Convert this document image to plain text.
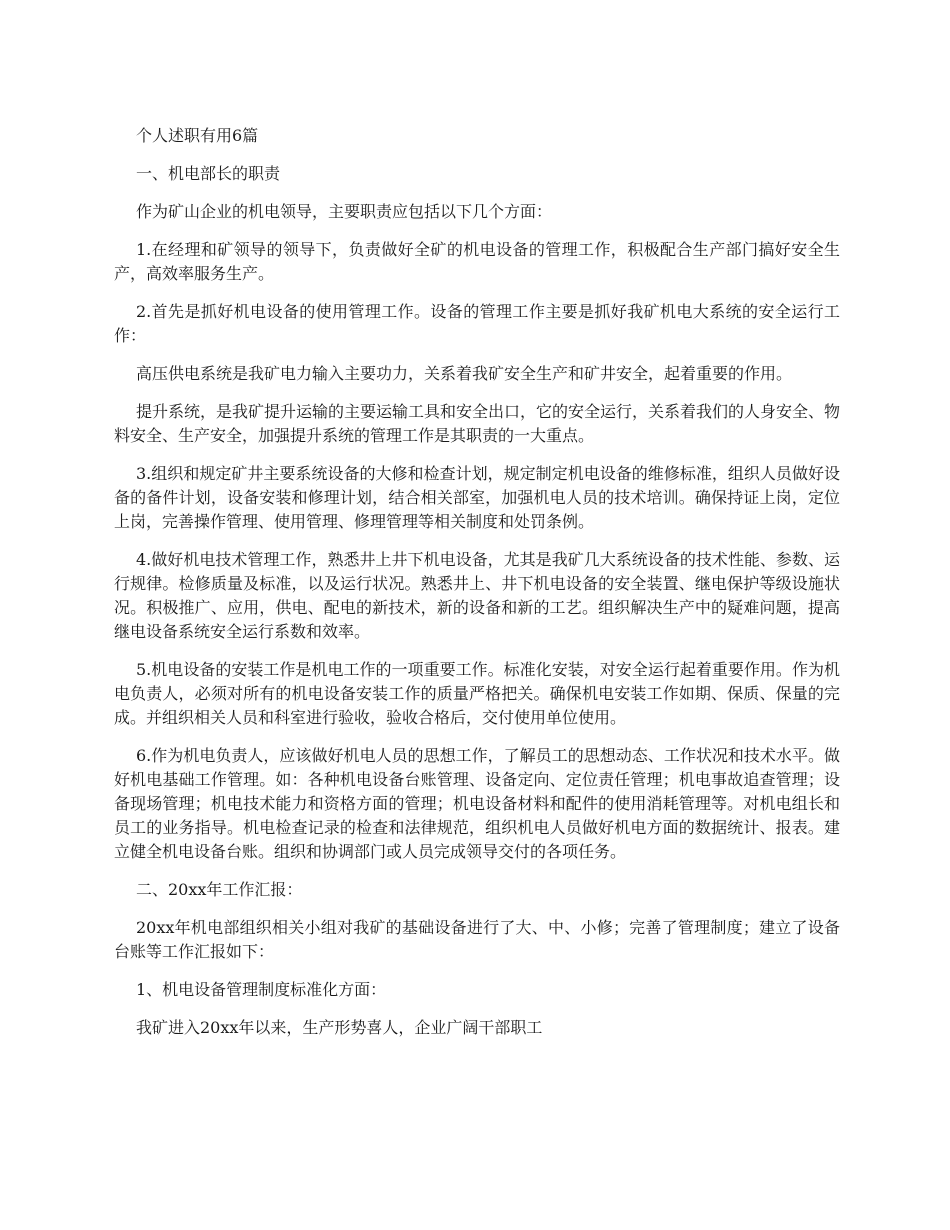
个人述职有用6篇

一、机电部长的职责

作为矿山企业的机电领导，主要职责应包括以下几个方面：

1.在经理和矿领导的领导下，负责做好全矿的机电设备的管理工作，积极配合生产部门搞好安全生产，高效率服务生产。

2.首先是抓好机电设备的使用管理工作。设备的管理工作主要是抓好我矿机电大系统的安全运行工作：

高压供电系统是我矿电力输入主要功力，关系着我矿安全生产和矿井安全，起着重要的作用。

提升系统，是我矿提升运输的主要运输工具和安全出口，它的安全运行，关系着我们的人身安全、物料安全、生产安全，加强提升系统的管理工作是其职责的一大重点。

3.组织和规定矿井主要系统设备的大修和检查计划，规定制定机电设备的维修标准，组织人员做好设备的备件计划，设备安装和修理计划，结合相关部室，加强机电人员的技术培训。确保持证上岗，定位上岗，完善操作管理、使用管理、修理管理等相关制度和处罚条例。

4.做好机电技术管理工作，熟悉井上井下机电设备，尤其是我矿几大系统设备的技术性能、参数、运行规律。检修质量及标准，以及运行状况。熟悉井上、井下机电设备的安全装置、继电保护等级设施状况。积极推广、应用，供电、配电的新技术，新的设备和新的工艺。组织解决生产中的疑难问题，提高继电设备系统安全运行系数和效率。

5.机电设备的安装工作是机电工作的一项重要工作。标准化安装，对安全运行起着重要作用。作为机电负责人，必须对所有的机电设备安装工作的质量严格把关。确保机电安装工作如期、保质、保量的完成。并组织相关人员和科室进行验收，验收合格后，交付使用单位使用。

6.作为机电负责人，应该做好机电人员的思想工作，了解员工的思想动态、工作状况和技术水平。做好机电基础工作管理。如：各种机电设备台账管理、设备定向、定位责任管理；机电事故追查管理；设备现场管理；机电技术能力和资格方面的管理；机电设备材料和配件的使用消耗管理等。对机电组长和员工的业务指导。机电检查记录的检查和法律规范，组织机电人员做好机电方面的数据统计、报表。建立健全机电设备台账。组织和协调部门或人员完成领导交付的各项任务。

二、20xx年工作汇报：

20xx年机电部组织相关小组对我矿的基础设备进行了大、中、小修；完善了管理制度；建立了设备台账等工作汇报如下：

1、机电设备管理制度标准化方面：

我矿进入20xx年以来，生产形势喜人，企业广阔干部职工
